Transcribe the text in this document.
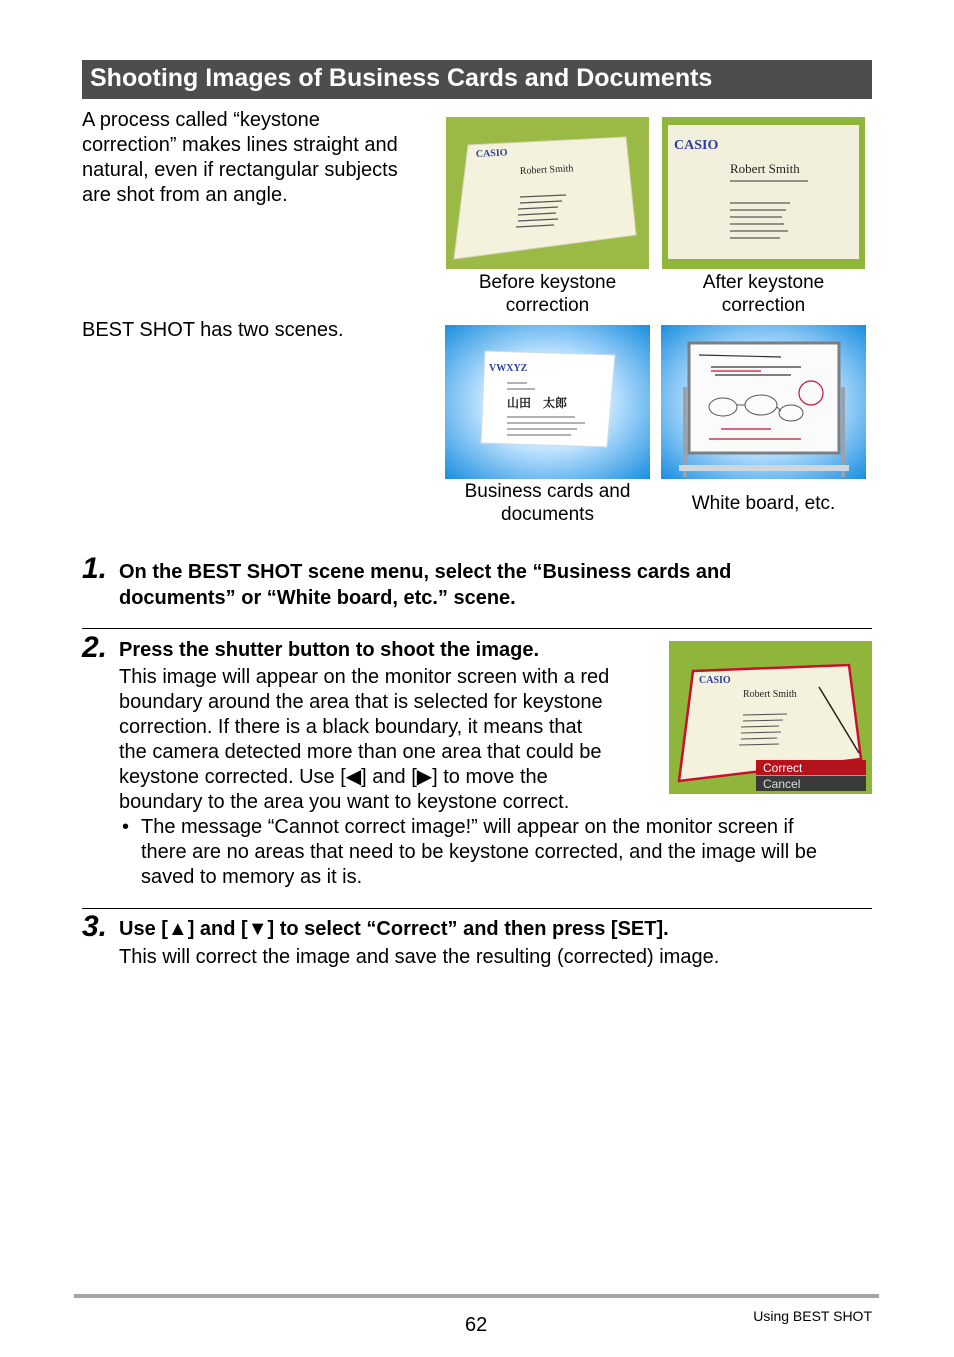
Shooting Images of Business Cards and Documents
A process called “keystone
correction” makes lines straight and
natural, even if rectangular subjects
are shot from an angle.
BEST SHOT has two scenes.
CASIO
Robert Smith
Before keystone
correction
CASIO
Robert Smith
After keystone
correction
VWXYZ
山田　太郎
Business cards and
documents
White board, etc.
1. On the BEST SHOT scene menu, select the “Business cards and
documents” or “White board, etc.” scene.
2. Press the shutter button to shoot the image.
This image will appear on the monitor screen with a red
boundary around the area that is selected for keystone
correction. If there is a black boundary, it means that
the camera detected more than one area that could be
keystone corrected. Use [◀] and [▶] to move the
boundary to the area you want to keystone correct.
• The message “Cannot correct image!” will appear on the monitor screen if
there are no areas that need to be keystone corrected, and the image will be
saved to memory as it is.
CASIO
Robert Smith
Correct
Cancel
3. Use [▲] and [▼] to select “Correct” and then press [SET].
This will correct the image and save the resulting (corrected) image.
62	Using BEST SHOT
